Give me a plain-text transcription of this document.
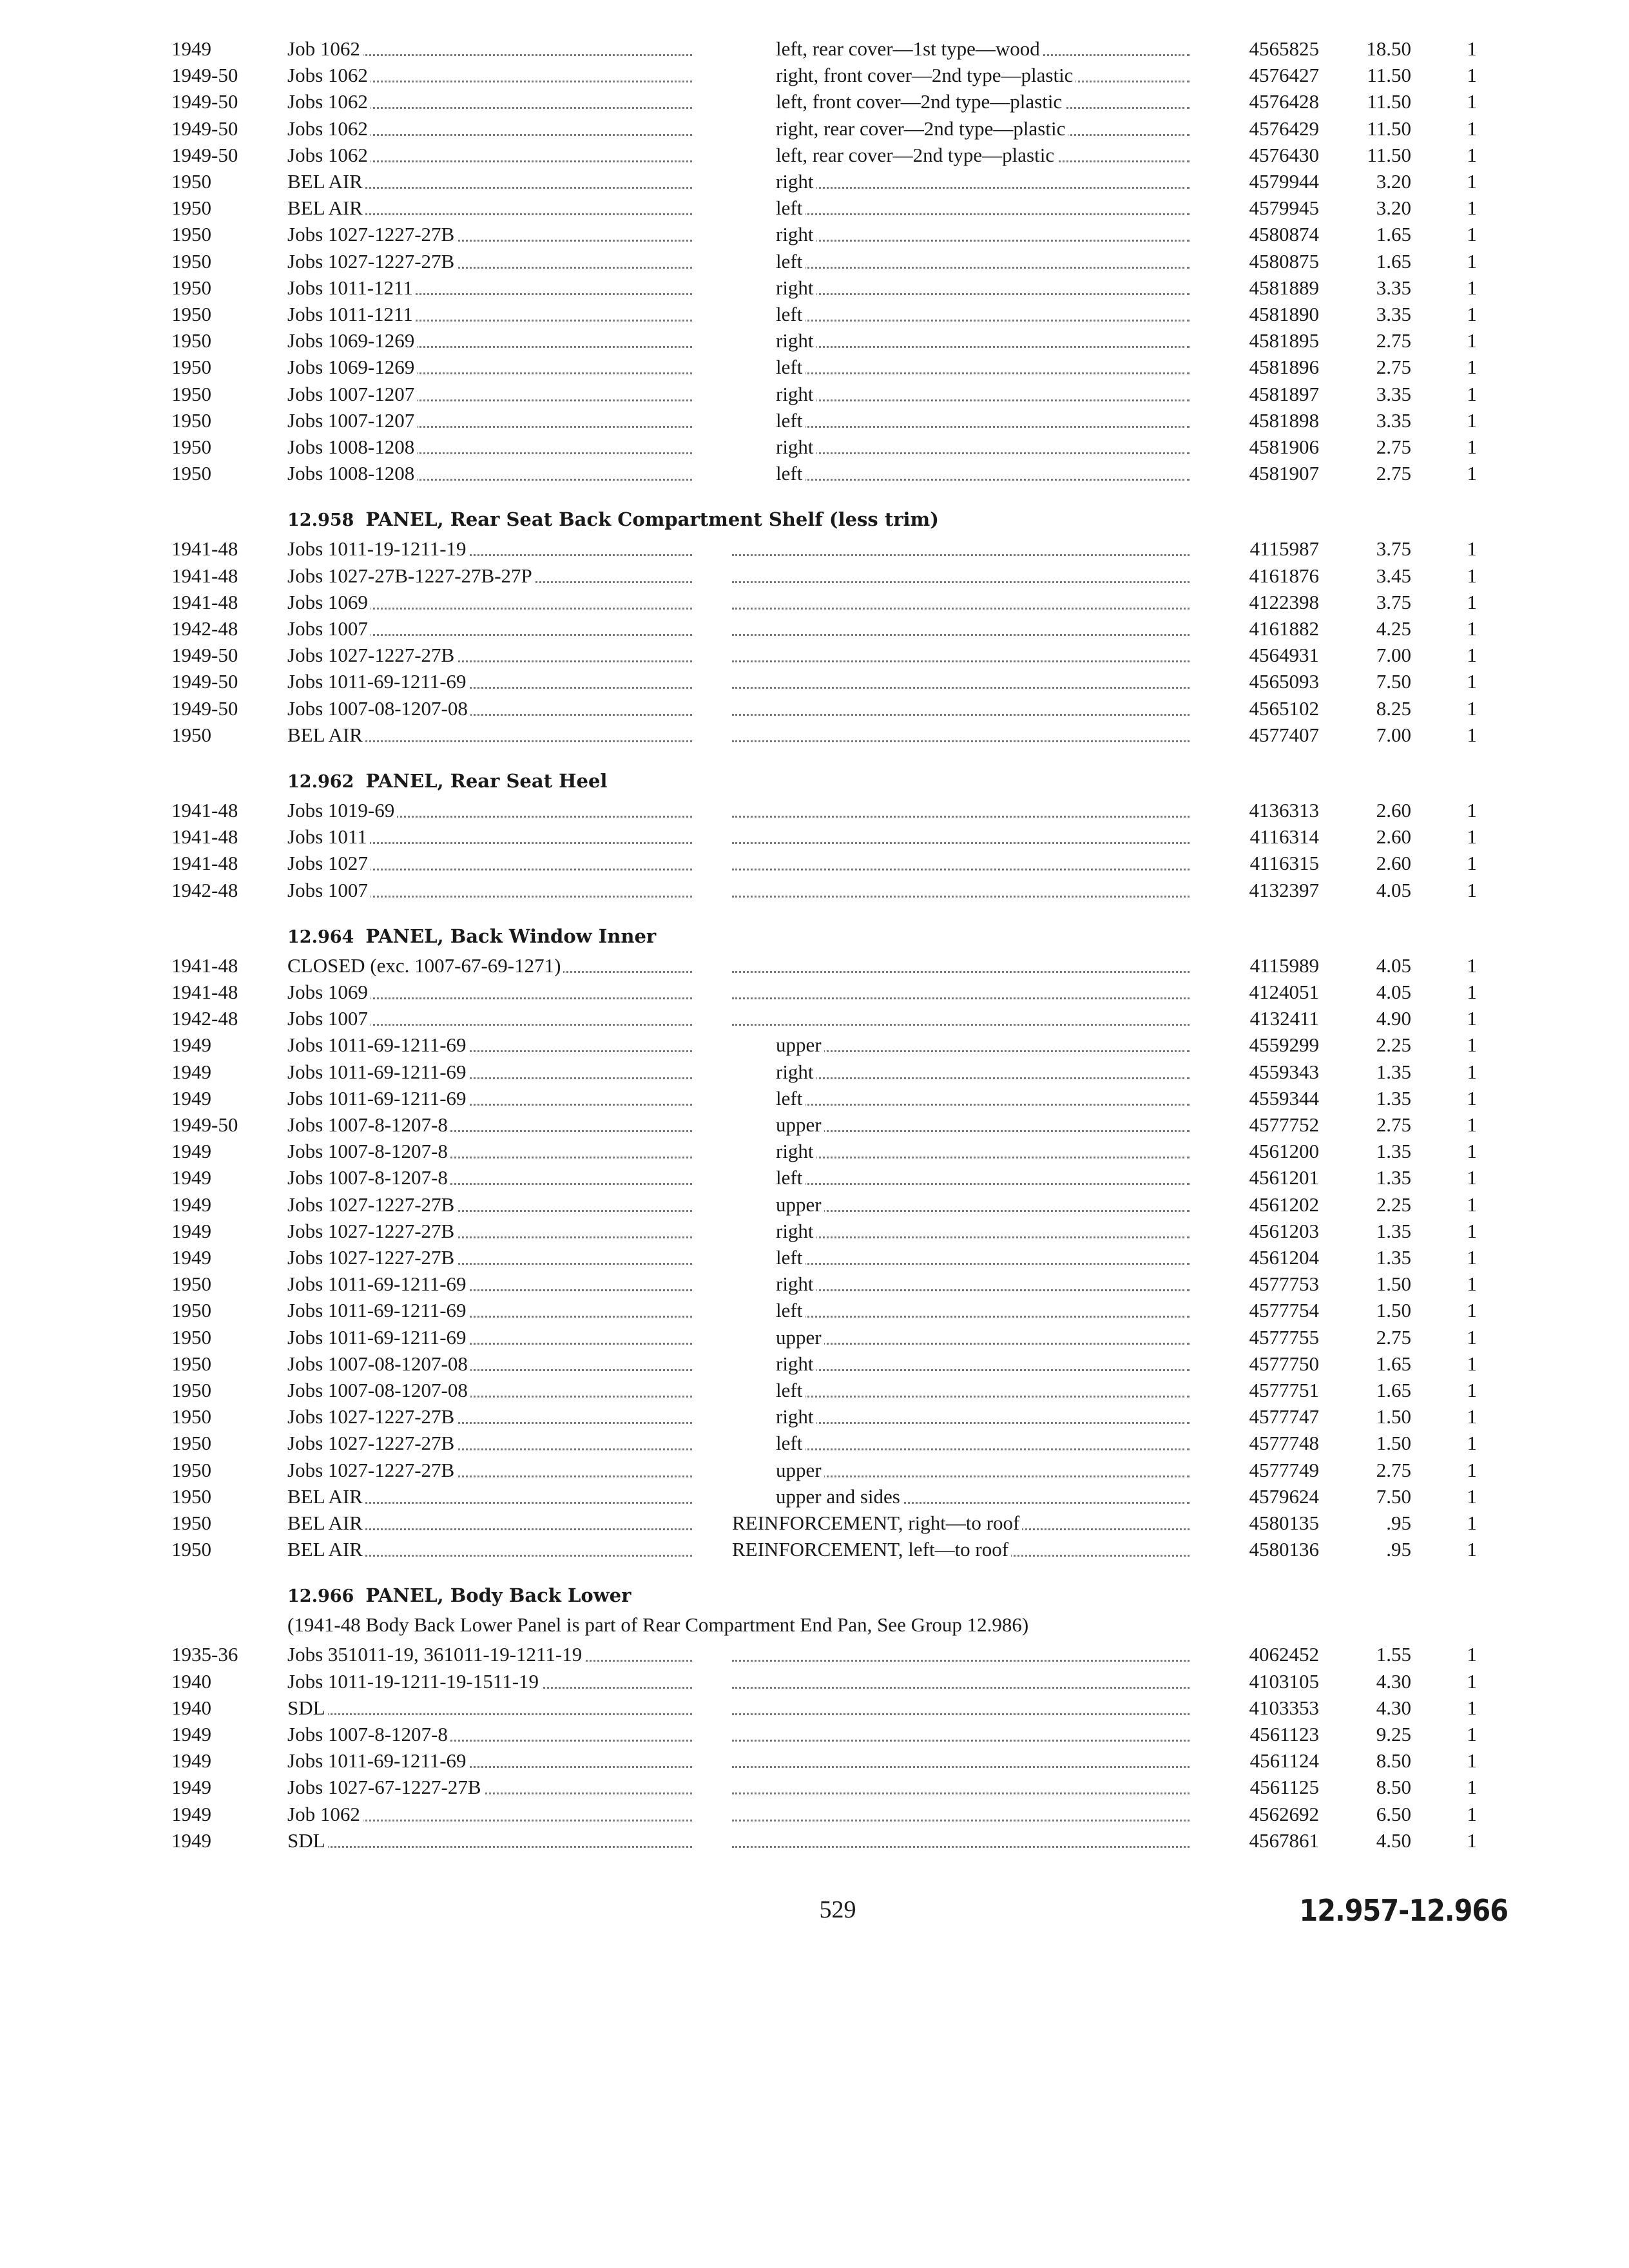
529	12.957-12.966
1949	Job 1062	left, rear cover—1st type—wood	4565825	18.50	1
1949-50	Jobs 1062	right, front cover—2nd type—plastic	4576427	11.50	1
1949-50	Jobs 1062	left, front cover—2nd type—plastic	4576428	11.50	1
1949-50	Jobs 1062	right, rear cover—2nd type—plastic	4576429	11.50	1
1949-50	Jobs 1062	left, rear cover—2nd type—plastic	4576430	11.50	1
1950	BEL AIR	right	4579944	3.20	1
1950	BEL AIR	left	4579945	3.20	1
1950	Jobs 1027-1227-27B	right	4580874	1.65	1
1950	Jobs 1027-1227-27B	left	4580875	1.65	1
1950	Jobs 1011-1211	right	4581889	3.35	1
1950	Jobs 1011-1211	left	4581890	3.35	1
1950	Jobs 1069-1269	right	4581895	2.75	1
1950	Jobs 1069-1269	left	4581896	2.75	1
1950	Jobs 1007-1207	right	4581897	3.35	1
1950	Jobs 1007-1207	left	4581898	3.35	1
1950	Jobs 1008-1208	right	4581906	2.75	1
1950	Jobs 1008-1208	left	4581907	2.75	1
12.958 PANEL, Rear Seat Back Compartment Shelf (less trim)
1941-48	Jobs 1011-19-1211-19	4115987	3.75	1
1941-48	Jobs 1027-27B-1227-27B-27P	4161876	3.45	1
1941-48	Jobs 1069	4122398	3.75	1
1942-48	Jobs 1007	4161882	4.25	1
1949-50	Jobs 1027-1227-27B	4564931	7.00	1
1949-50	Jobs 1011-69-1211-69	4565093	7.50	1
1949-50	Jobs 1007-08-1207-08	4565102	8.25	1
1950	BEL AIR	4577407	7.00	1
12.962 PANEL, Rear Seat Heel
1941-48	Jobs 1019-69	4136313	2.60	1
1941-48	Jobs 1011	4116314	2.60	1
1941-48	Jobs 1027	4116315	2.60	1
1942-48	Jobs 1007	4132397	4.05	1
12.964 PANEL, Back Window Inner
1941-48	CLOSED (exc. 1007-67-69-1271)	4115989	4.05	1
1941-48	Jobs 1069	4124051	4.05	1
1942-48	Jobs 1007	4132411	4.90	1
1949	Jobs 1011-69-1211-69	upper	4559299	2.25	1
1949	Jobs 1011-69-1211-69	right	4559343	1.35	1
1949	Jobs 1011-69-1211-69	left	4559344	1.35	1
1949-50	Jobs 1007-8-1207-8	upper	4577752	2.75	1
1949	Jobs 1007-8-1207-8	right	4561200	1.35	1
1949	Jobs 1007-8-1207-8	left	4561201	1.35	1
1949	Jobs 1027-1227-27B	upper	4561202	2.25	1
1949	Jobs 1027-1227-27B	right	4561203	1.35	1
1949	Jobs 1027-1227-27B	left	4561204	1.35	1
1950	Jobs 1011-69-1211-69	right	4577753	1.50	1
1950	Jobs 1011-69-1211-69	left	4577754	1.50	1
1950	Jobs 1011-69-1211-69	upper	4577755	2.75	1
1950	Jobs 1007-08-1207-08	right	4577750	1.65	1
1950	Jobs 1007-08-1207-08	left	4577751	1.65	1
1950	Jobs 1027-1227-27B	right	4577747	1.50	1
1950	Jobs 1027-1227-27B	left	4577748	1.50	1
1950	Jobs 1027-1227-27B	upper	4577749	2.75	1
1950	BEL AIR	upper and sides	4579624	7.50	1
1950	BEL AIR	REINFORCEMENT, right—to roof	4580135	.95	1
1950	BEL AIR	REINFORCEMENT, left—to roof	4580136	.95	1
12.966 PANEL, Body Back Lower
(1941-48 Body Back Lower Panel is part of Rear Compartment End Pan, See Group 12.986)
1935-36	Jobs 351011-19, 361011-19-1211-19	4062452	1.55	1
1940	Jobs 1011-19-1211-19-1511-19	4103105	4.30	1
1940	SDL	4103353	4.30	1
1949	Jobs 1007-8-1207-8	4561123	9.25	1
1949	Jobs 1011-69-1211-69	4561124	8.50	1
1949	Jobs 1027-67-1227-27B	4561125	8.50	1
1949	Job 1062	4562692	6.50	1
1949	SDL	4567861	4.50	1
